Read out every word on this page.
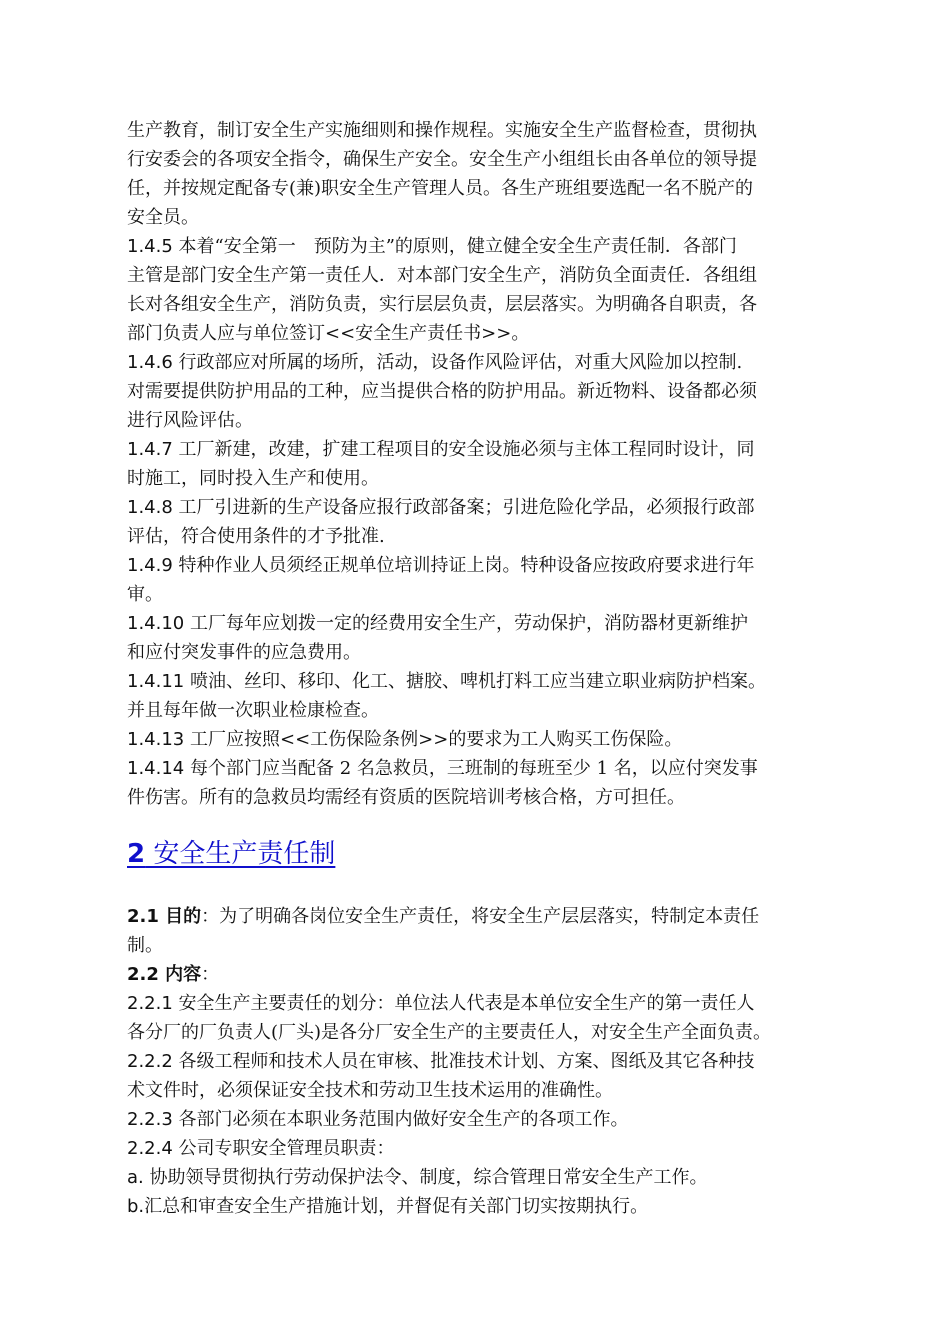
生产教育，制订安全生产实施细则和操作规程。实施安全生产监督检查，贯彻执
行安委会的各项安全指令，确保生产安全。安全生产小组组长由各单位的领导提
任，并按规定配备专(兼)职安全生产管理人员。各生产班组要选配一名不脱产的
安全员。

1.4.5 本着“安全第一　预防为主”的原则，健立健全安全生产责任制．各部门
主管是部门安全生产第一责任人．对本部门安全生产，消防负全面责任．各组组
长对各组安全生产，消防负责，实行层层负责，层层落实。为明确各自职责，各
部门负责人应与单位签订<<安全生产责任书>>。

1.4.6 行政部应对所属的场所，活动，设备作风险评估，对重大风险加以控制.
对需要提供防护用品的工种，应当提供合格的防护用品。新近物料、设备都必须
进行风险评估。

1.4.7 工厂新建，改建，扩建工程项目的安全设施必须与主体工程同时设计，同
时施工，同时投入生产和使用。

1.4.8 工厂引进新的生产设备应报行政部备案；引进危险化学品，必须报行政部
评估，符合使用条件的才予批准.

1.4.9 特种作业人员须经正规单位培训持证上岗。特种设备应按政府要求进行年
审。

1.4.10 工厂每年应划拨一定的经费用安全生产，劳动保护，消防器材更新维护
和应付突发事件的应急费用。

1.4.11 喷油、丝印、移印、化工、搪胶、啤机打料工应当建立职业病防护档案。
并且每年做一次职业检康检查。

1.4.13 工厂应按照<<工伤保险条例>>的要求为工人购买工伤保险。

1.4.14 每个部门应当配备 2 名急救员，三班制的每班至少 1 名，以应付突发事
件伤害。所有的急救员均需经有资质的医院培训考核合格，方可担任。

2 安全生产责任制

2.1 目的：为了明确各岗位安全生产责任，将安全生产层层落实，特制定本责任
制。

2.2 内容：

2.2.1 安全生产主要责任的划分：单位法人代表是本单位安全生产的第一责任人
各分厂的厂负责人(厂头)是各分厂安全生产的主要责任人，对安全生产全面负责。

2.2.2 各级工程师和技术人员在审核、批准技术计划、方案、图纸及其它各种技
术文件时，必须保证安全技术和劳动卫生技术运用的准确性。

2.2.3 各部门必须在本职业务范围内做好安全生产的各项工作。

2.2.4 公司专职安全管理员职责：

a. 协助领导贯彻执行劳动保护法令、制度，综合管理日常安全生产工作。

b.汇总和审查安全生产措施计划，并督促有关部门切实按期执行。
